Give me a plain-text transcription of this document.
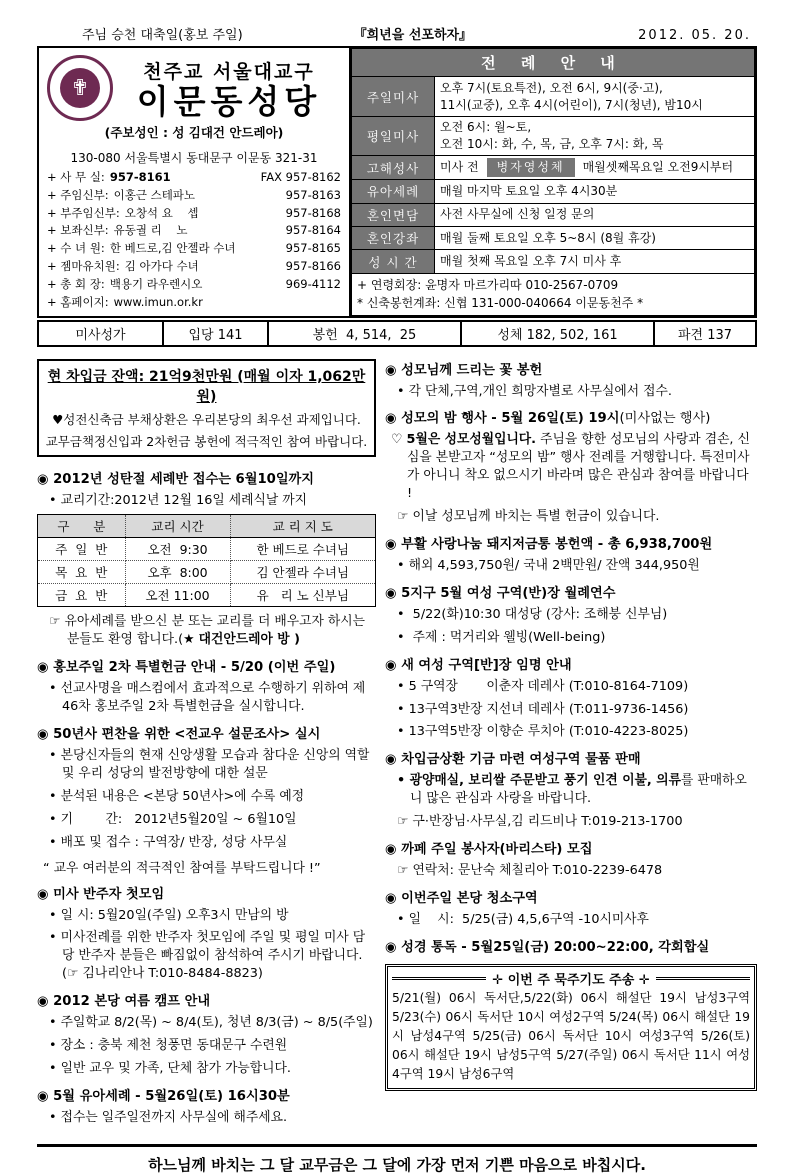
주님 승천 대축일(홍보 주일)	『희년을 선포하자』	2012. 05. 20.
✟
천주교 서울대교구
이문동성당
(주보성인 : 성 김대건 안드레아)
130-080 서울특별시 동대문구 이문동 321-31
+ 사 무 실: 957-8161	FAX 957-8162
+ 주임신부: 이홍근 스테파노	957-8163
+ 부주임신부: 오창석 요    셉	957-8168
+ 보좌신부: 유동궐 리    노	957-8164
+ 수 녀 원: 한 베드로,김 안젤라 수녀	957-8165
+ 젬마유치원: 김 아가다 수녀	957-8166
+ 총 회 장: 백용기 라우렌시오	969-4112
+ 홈페이지: www.imun.or.kr
전 례 안 내	
주일미사	오후 7시(토요특전), 오전 6시, 9시(중·고),
11시(교중), 오후 4시(어린이), 7시(청년), 밤10시

평일미사	오전 6시: 월~토,
오전 10시: 화, 수, 목, 금, 오후 7시: 화, 목

고해성사	미사 전 병자영성체 매월셋째목요일 오전9시부터

유아세례	매월 마지막 토요일 오후 4시30분
혼인면담	사전 사무실에 신청 일정 문의
혼인강좌	매월 둘째 토요일 오후 5~8시 (8월 휴강)
성 시 간	매월 첫째 목요일 오후 7시 미사 후

+ 연령회장: 윤명자 마르가리따 010-2567-0709
* 신축봉헌계좌: 신협 131-000-040664 이문동천주 *	
미사성가	입당 141	봉헌  4, 514,  25	성체 182, 502, 161	파견 137
현 차입금 잔액: 21억9천만원 (매월 이자 1,062만원)
♥성전신축금 부채상환은 우리본당의 최우선 과제입니다.
교무금책정신입과 2차헌금 봉헌에 적극적인 참여 바랍니다.
◉ 2012년 성탄절 세례반 접수는 6월10일까지
• 교리기간:2012년 12월 16일 세례식날 까지
구      분	교리 시간	교 리 지 도
주  일  반	오전  9:30	한 베드로 수녀님
목  요  반	오후  8:00	김 안젤라 수녀님
금  요  반	오전 11:00	유   리 노 신부님
☞ 유아세례를 받으신 분 또는 교리를 더 배우고자 하시는 분들도 환영 합니다.(★ 대건안드레아 방 )
◉ 홍보주일 2차 특별헌금 안내 - 5/20 (이번 주일)
• 선교사명을 매스컴에서 효과적으로 수행하기 위하여 제46차 홍보주일 2차 특별헌금을 실시합니다.
◉ 50년사 편찬을 위한 <전교우 설문조사> 실시
• 본당신자들의 현재 신앙생활 모습과 참다운 신앙의 역할 및 우리 성당의 발전방향에 대한 설문
• 분석된 내용은 <본당 50년사>에 수록 예정
• 기        간:   2012년5월20일 ~ 6월10일
• 배포 및 접수 : 구역장/ 반장, 성당 사무실
“ 교우 여러분의 적극적인 참여를 부탁드립니다 !”
◉ 미사 반주자 첫모임
• 일 시: 5월20일(주일) 오후3시 만남의 방
• 미사전례를 위한 반주자 첫모임에 주일 및 평일 미사 담당 반주자 분들은 빠짐없이 참석하여 주시기 바랍니다.(☞ 김나리안나 T:010-8484-8823)
◉ 2012 본당 여름 캠프 안내
• 주일학교 8/2(목) ~ 8/4(토), 청년 8/3(금) ~ 8/5(주일)
• 장소 : 충북 제천 청풍면 동대문구 수련원
• 일반 교우 및 가족, 단체 참가 가능합니다.
◉ 5월 유아세례 - 5월26일(토) 16시30분
• 접수는 일주일전까지 사무실에 해주세요.
◉ 성모님께 드리는 꽃 봉헌
• 각 단체,구역,개인 희망자별로 사무실에서 접수.
◉ 성모의 밤 행사 - 5월 26일(토) 19시(미사없는 행사)
♡ 5월은 성모성월입니다. 주님을 향한 성모님의 사랑과 겸손, 신심을 본받고자 “성모의 밤” 행사 전례를 거행합니다. 특전미사가 아니니 착오 없으시기 바라며 많은 관심과 참여를 바랍니다 !
☞ 이날 성모님께 바치는 특별 헌금이 있습니다.
◉ 부활 사랑나눔 돼지저금통 봉헌액 - 총 6,938,700원
• 해외 4,593,750원/ 국내 2백만원/ 잔액 344,950원
◉ 5지구 5월 여성 구역(반)장 월례연수
•  5/22(화)10:30 대성당 (강사: 조해붕 신부님)
•  주제 : 먹거리와 웰빙(Well-being)
◉ 새 여성 구역[반]장 임명 안내
• 5 구역장       이춘자 데레사 (T:010-8164-7109)
• 13구역3반장 지선녀 데레사 (T:011-9736-1456)
• 13구역5반장 이향순 루치아 (T:010-4223-8025)
◉ 차입금상환 기금 마련 여성구역 물품 판매
• 광양매실, 보리쌀 주문받고 풍기 인견 이불, 의류를 판매하오니 많은 관심과 사랑을 바랍니다.
☞ 구·반장님·사무실,김 리드비나 T:019-213-1700
◉ 까페 주일 봉사자(바리스타) 모집
☞ 연락처: 문난숙 체칠리아 T:010-2239-6478
◉ 이번주일 본당 청소구역
• 일    시:  5/25(금) 4,5,6구역 -10시미사후
◉ 성경 통독 - 5월25일(금) 20:00~22:00, 각회합실
✛ 이번 주 묵주기도 주송 ✛
5/21(월) 06시 독서단,5/22(화) 06시 해설단 19시 남성3구역 5/23(수) 06시 독서단 10시 여성2구역 5/24(목) 06시 해설단 19시 남성4구역 5/25(금) 06시 독서단 10시 여성3구역 5/26(토) 06시 해설단 19시 남성5구역 5/27(주일) 06시 독서단 11시 여성4구역 19시 남성6구역
하느님께 바치는 그 달 교무금은 그 달에 가장 먼저 기쁜 마음으로 바칩시다.
